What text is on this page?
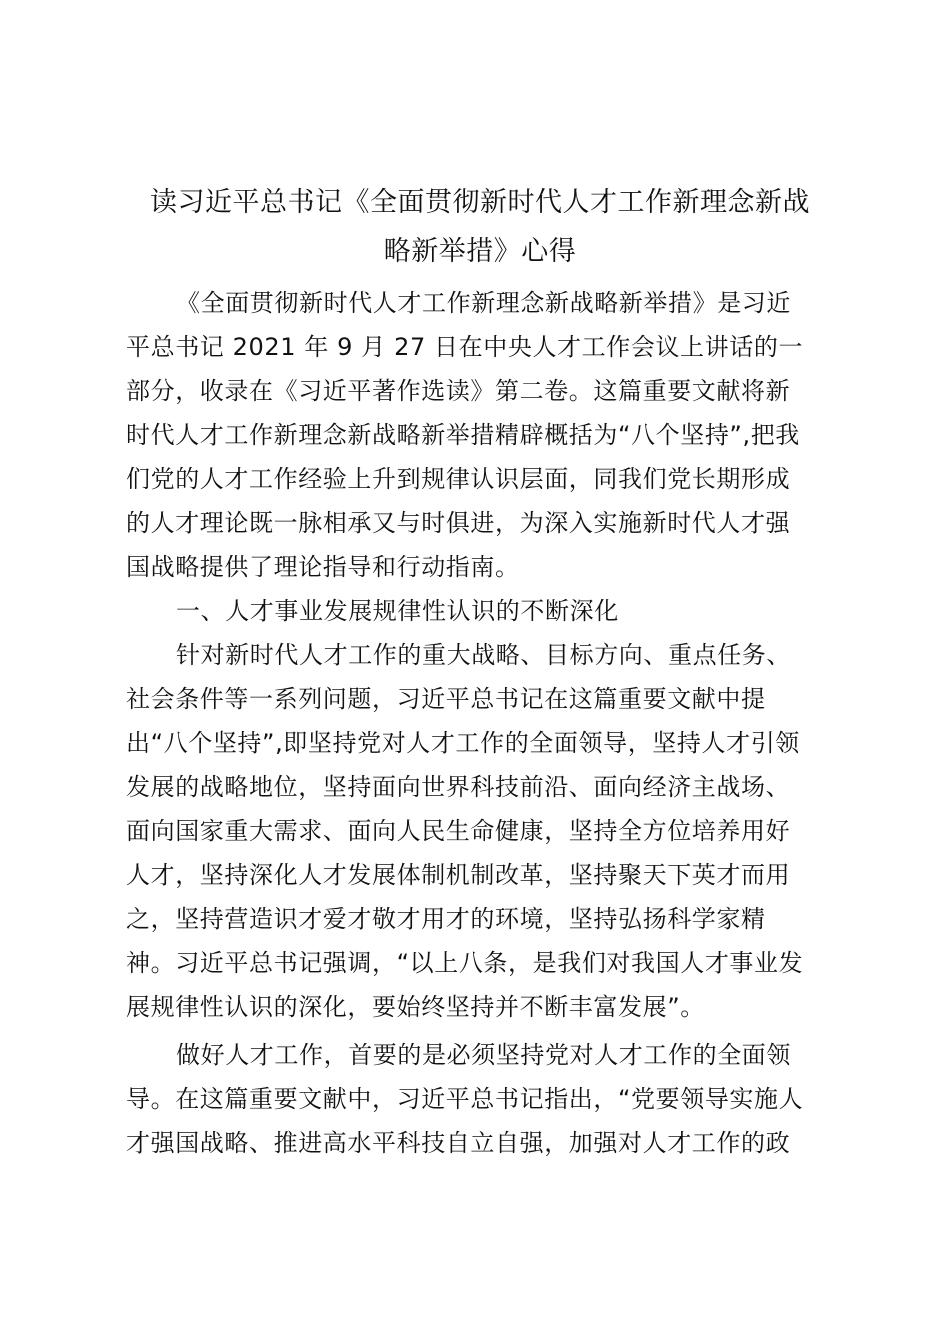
读习近平总书记《全面贯彻新时代人才工作新理念新战
略新举措》心得
《全面贯彻新时代人才工作新理念新战略新举措》是习近
平总书记 2021 年 9 月 27 日在中央人才工作会议上讲话的一
部分，收录在《习近平著作选读》第二卷。这篇重要文献将新
时代人才工作新理念新战略新举措精辟概括为“八个坚持”,把我
们党的人才工作经验上升到规律认识层面，同我们党长期形成
的人才理论既一脉相承又与时俱进，为深入实施新时代人才强
国战略提供了理论指导和行动指南。
一、人才事业发展规律性认识的不断深化
针对新时代人才工作的重大战略、目标方向、重点任务、
社会条件等一系列问题，习近平总书记在这篇重要文献中提
出“八个坚持”,即坚持党对人才工作的全面领导，坚持人才引领
发展的战略地位，坚持面向世界科技前沿、面向经济主战场、
面向国家重大需求、面向人民生命健康，坚持全方位培养用好
人才，坚持深化人才发展体制机制改革，坚持聚天下英才而用
之，坚持营造识才爱才敬才用才的环境，坚持弘扬科学家精
神。习近平总书记强调，“以上八条，是我们对我国人才事业发
展规律性认识的深化，要始终坚持并不断丰富发展”。
做好人才工作，首要的是必须坚持党对人才工作的全面领
导。在这篇重要文献中，习近平总书记指出，“党要领导实施人
才强国战略、推进高水平科技自立自强，加强对人才工作的政
